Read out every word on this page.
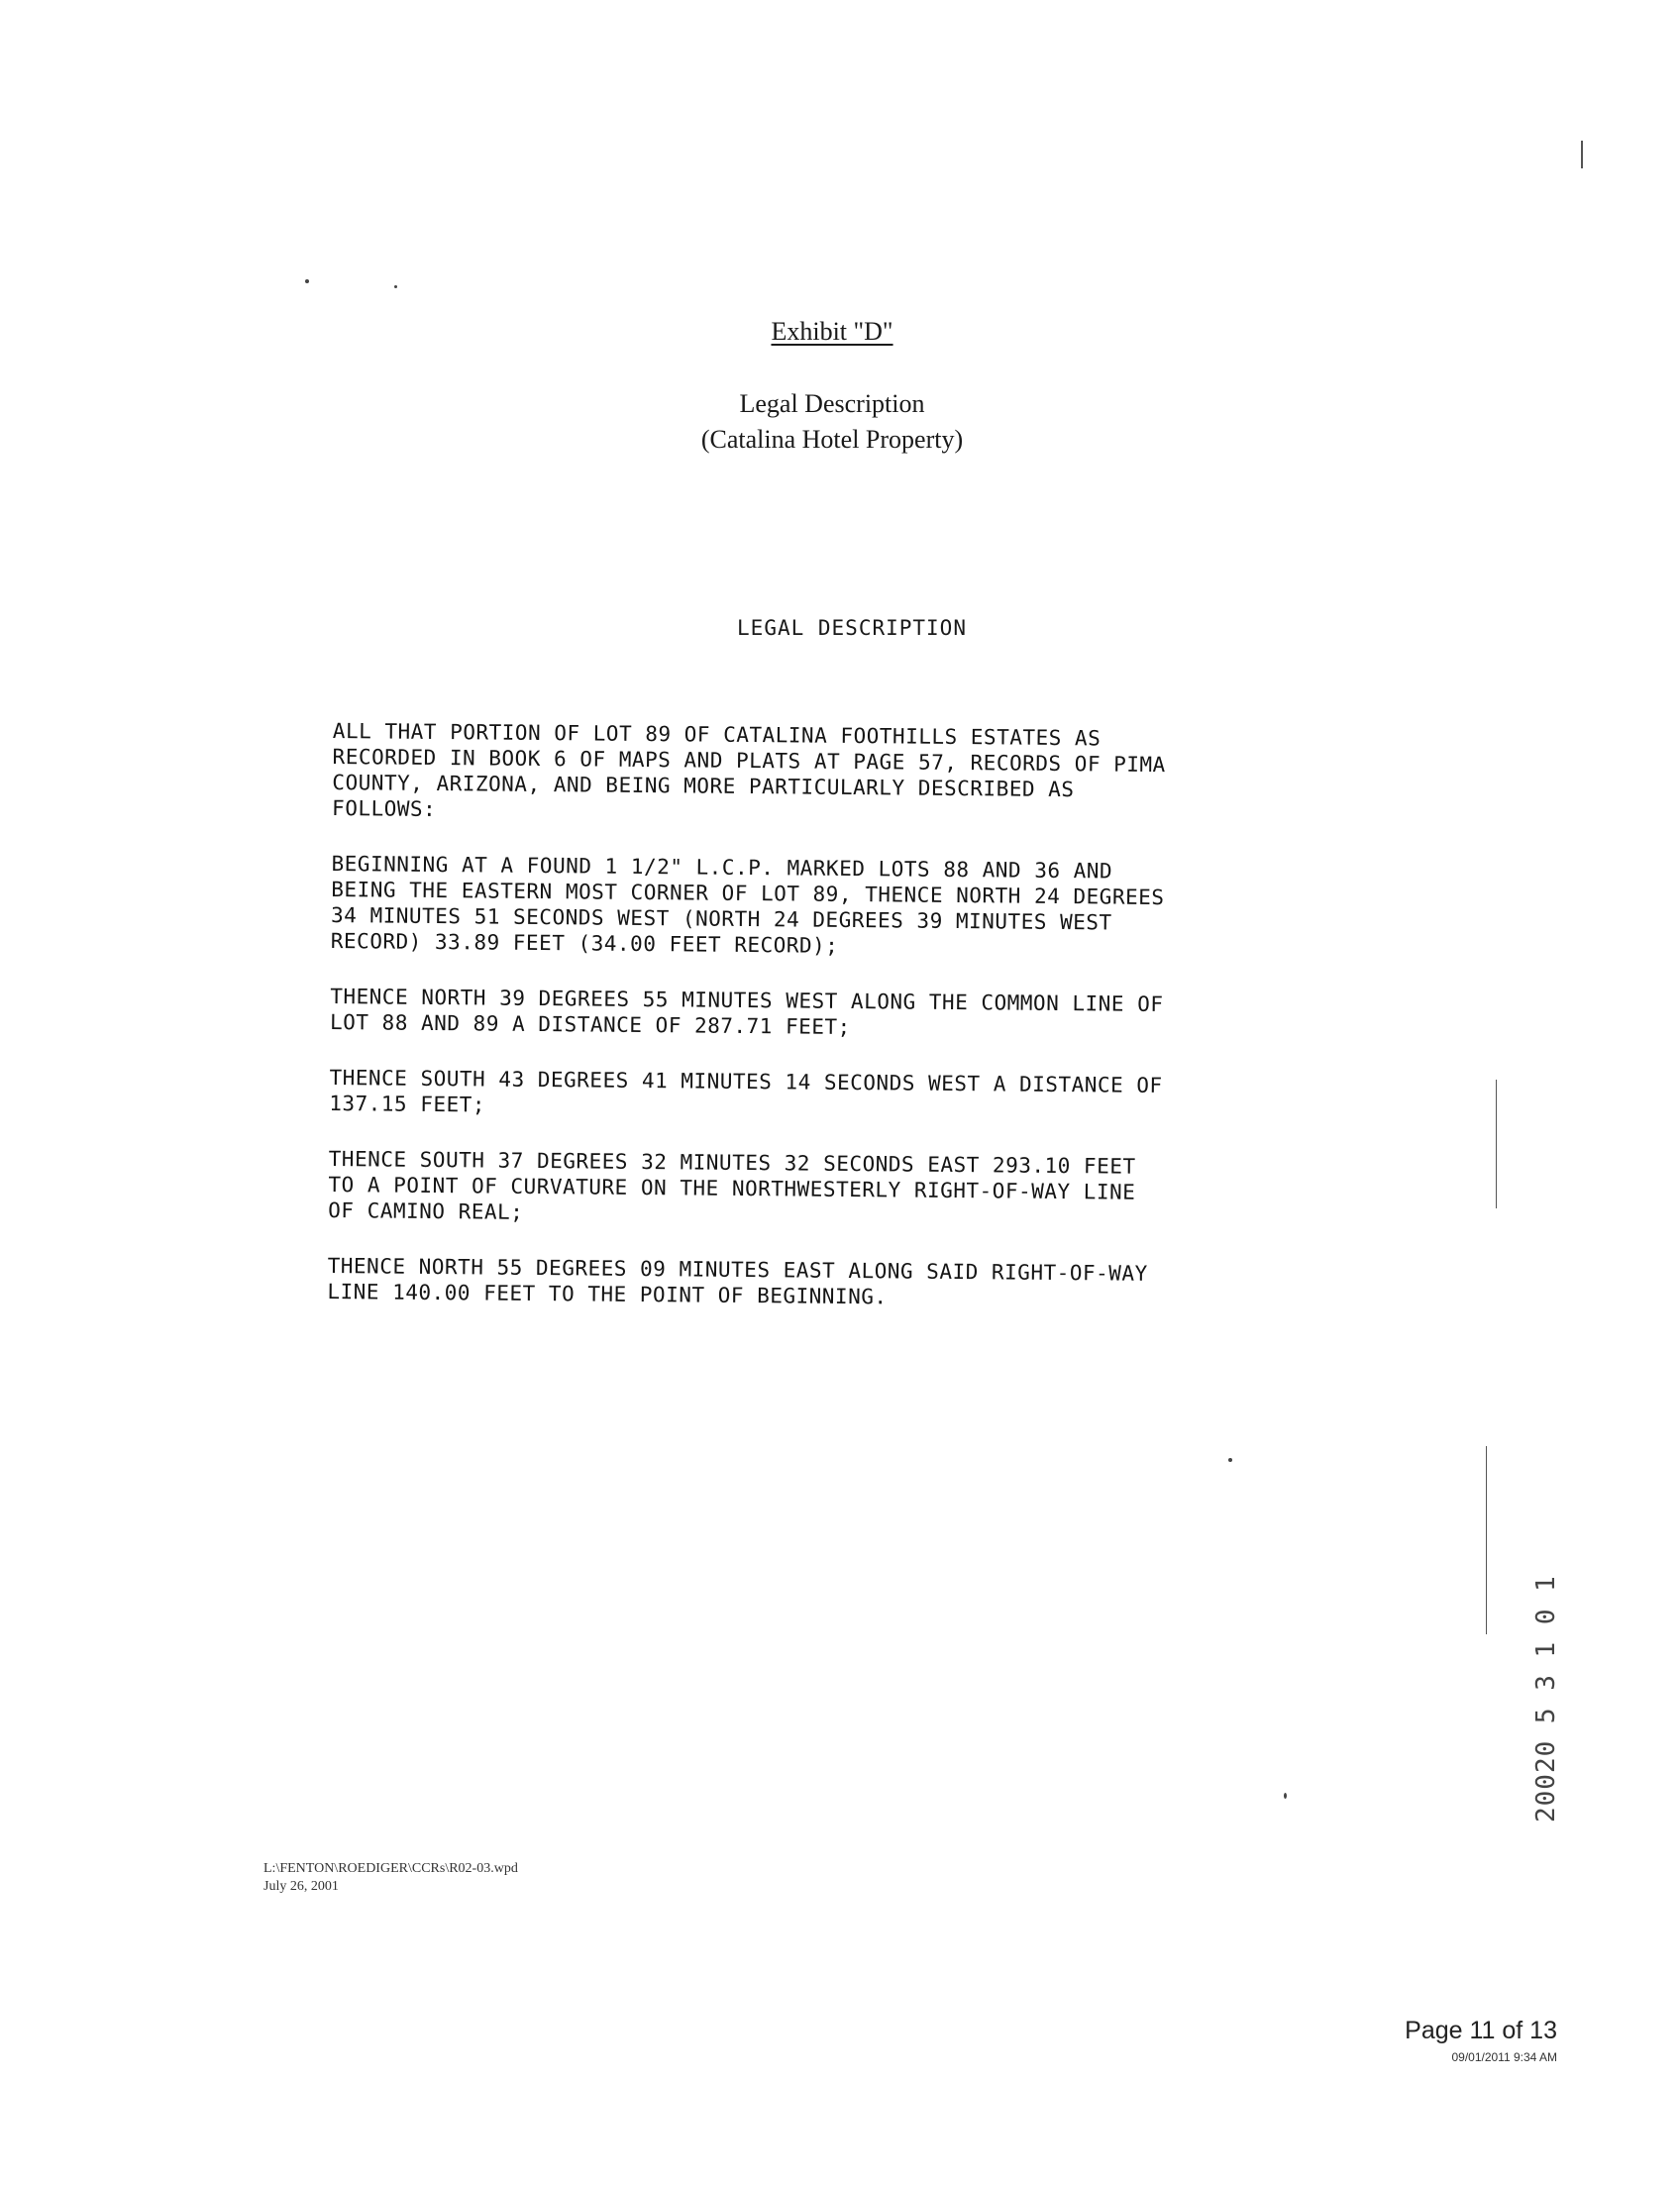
Exhibit "D"
Legal Description
(Catalina Hotel Property)
LEGAL DESCRIPTION

ALL THAT PORTION OF LOT 89 OF CATALINA FOOTHILLS ESTATES AS
RECORDED IN BOOK 6 OF MAPS AND PLATS AT PAGE 57, RECORDS OF PIMA
COUNTY, ARIZONA, AND BEING MORE PARTICULARLY DESCRIBED AS
FOLLOWS:

BEGINNING AT A FOUND 1 1/2" L.C.P. MARKED LOTS 88 AND 36 AND
BEING THE EASTERN MOST CORNER OF LOT 89, THENCE NORTH 24 DEGREES
34 MINUTES 51 SECONDS WEST (NORTH 24 DEGREES 39 MINUTES WEST
RECORD) 33.89 FEET (34.00 FEET RECORD);

THENCE NORTH 39 DEGREES 55 MINUTES WEST ALONG THE COMMON LINE OF
LOT 88 AND 89 A DISTANCE OF 287.71 FEET;

THENCE SOUTH 43 DEGREES 41 MINUTES 14 SECONDS WEST A DISTANCE OF
137.15 FEET;

THENCE SOUTH 37 DEGREES 32 MINUTES 32 SECONDS EAST 293.10 FEET
TO A POINT OF CURVATURE ON THE NORTHWESTERLY RIGHT-OF-WAY LINE
OF CAMINO REAL;

THENCE NORTH 55 DEGREES 09 MINUTES EAST ALONG SAID RIGHT-OF-WAY
LINE 140.00 FEET TO THE POINT OF BEGINNING.

L:\FENTON\ROEDIGER\CCRs\R02-03.wpd
July 26, 2001
Page 11 of 13
09/01/2011 9:34 AM
20020 5 3 1 0 1
